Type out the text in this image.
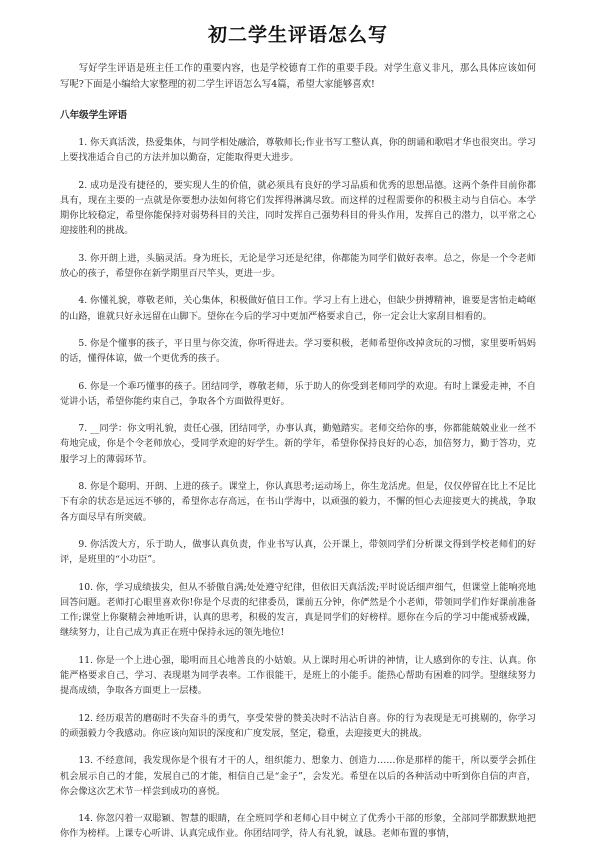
初二学生评语怎么写

写好学生评语是班主任工作的重要内容，也是学校德育工作的重要手段。对学生意义非凡，那么具体应该如何写呢?下面是小编给大家整理的初二学生评语怎么写4篇，希望大家能够喜欢!

八年级学生评语

1. 你天真活泼，热爱集体，与同学相处融洽，尊敬师长;作业书写工整认真，你的朗诵和歌唱才华也很突出。学习上要找准适合自己的方法并加以勤奋，定能取得更大进步。

2. 成功是没有捷径的，要实现人生的价值，就必须具有良好的学习品质和优秀的思想品德。这两个条件目前你都具有，现在主要的一点就是你要想办法如何将它们发挥得淋漓尽致。而这样的过程需要你的积极主动与自信心。本学期你比较稳定，希望你能保持对弱势科目的关注，同时发挥自己强势科目的骨头作用，发挥自己的潜力，以平常之心迎接胜利的挑战。

3. 你开朗上进，头脑灵活。身为班长，无论是学习还是纪律，你都能为同学们做好表率。总之，你是一个令老师放心的孩子，希望你在新学期里百尺竿头，更进一步。

4. 你懂礼貌，尊敬老师，关心集体，积极做好值日工作。学习上有上进心，但缺少拼搏精神，谁要是害怕走崎岖的山路，谁就只好永远留在山脚下。望你在今后的学习中更加严格要求自己，你一定会让大家刮目相看的。

5. 你是个懂事的孩子，平日里与你交流，你听得进去。学习要积极，老师希望你改掉贪玩的习惯，家里要听妈妈的话，懂得体谅，做一个更优秀的孩子。

6. 你是一个乖巧懂事的孩子。团结同学，尊敬老师，乐于助人的你受到老师同学的欢迎。有时上课爱走神，不自觉讲小话，希望你能约束自己，争取各个方面做得更好。

7. __同学：你文明礼貌，责任心强，团结同学，办事认真，勤勉踏实。老师交给你的事，你都能兢兢业业一丝不苟地完成，你是个令老师放心，受同学欢迎的好学生。新的学年，希望你保持良好的心态，加倍努力，勤于答功，克服学习上的薄弱环节。

8. 你是个聪明、开朗、上进的孩子。课堂上，你认真思考;运动场上，你生龙活虎。但是，仅仅停留在比上不足比下有余的状态是远远不够的，希望你志存高远，在书山学海中，以顽强的毅力，不懈的恒心去迎接更大的挑战，争取各方面尽早有所突破。

9. 你活泼大方，乐于助人，做事认真负责，作业书写认真，公开课上，带领同学们分析课文得到学校老师们的好评，是班里的“小功臣”。

10. 你，学习成绩拔尖，但从不骄傲自满;处处遵守纪律，但依旧天真活泼;平时说话细声细气，但课堂上能响亮地回答问题。老师打心眼里喜欢你!你是个尽责的纪律委员，课前五分钟，你俨然是个小老师，带领同学们作好课前准备工作;课堂上你聚精会神地听讲，认真的思考，积极的发言，真是同学们的好榜样。愿你在今后的学习中能戒骄戒躁，继续努力，让自己成为真正在班中保持永远的领先地位!

11. 你是一个上进心强，聪明而且心地善良的小姑娘。从上课时用心听讲的神情，让人感到你的专注、认真。你能严格要求自己，学习、表现堪为同学表率。工作很能干，是班上的小能手。能热心帮助有困难的同学。望继续努力提高成绩，争取各方面更上一层楼。

12. 经历艰苦的磨砺时不失奋斗的勇气，享受荣誉的赞美决时不沾沾自喜。你的行为表现是无可挑剔的，你学习的顽强毅力令我感动。你应该向知识的深度和广度发展，坚定，稳重，去迎接更大的挑战。

13. 不经意间，我发现你是个很有才干的人，组织能力、想象力、创造力……你是那样的能干，所以要学会抓住机会展示自己的才能，发展自己的才能，相信自己是“金子”，会发光。希望在以后的各种活动中听到你自信的声音，你会像这次艺术节一样尝到成功的喜悦。

14. 你忽闪着一双聪颖、智慧的眼睛，在全班同学和老师心目中树立了优秀小干部的形象，全部同学都默默地把你作为榜样。上课专心听讲、认真完成作业。你团结同学，待人有礼貌，诚恳。老师布置的事情，
